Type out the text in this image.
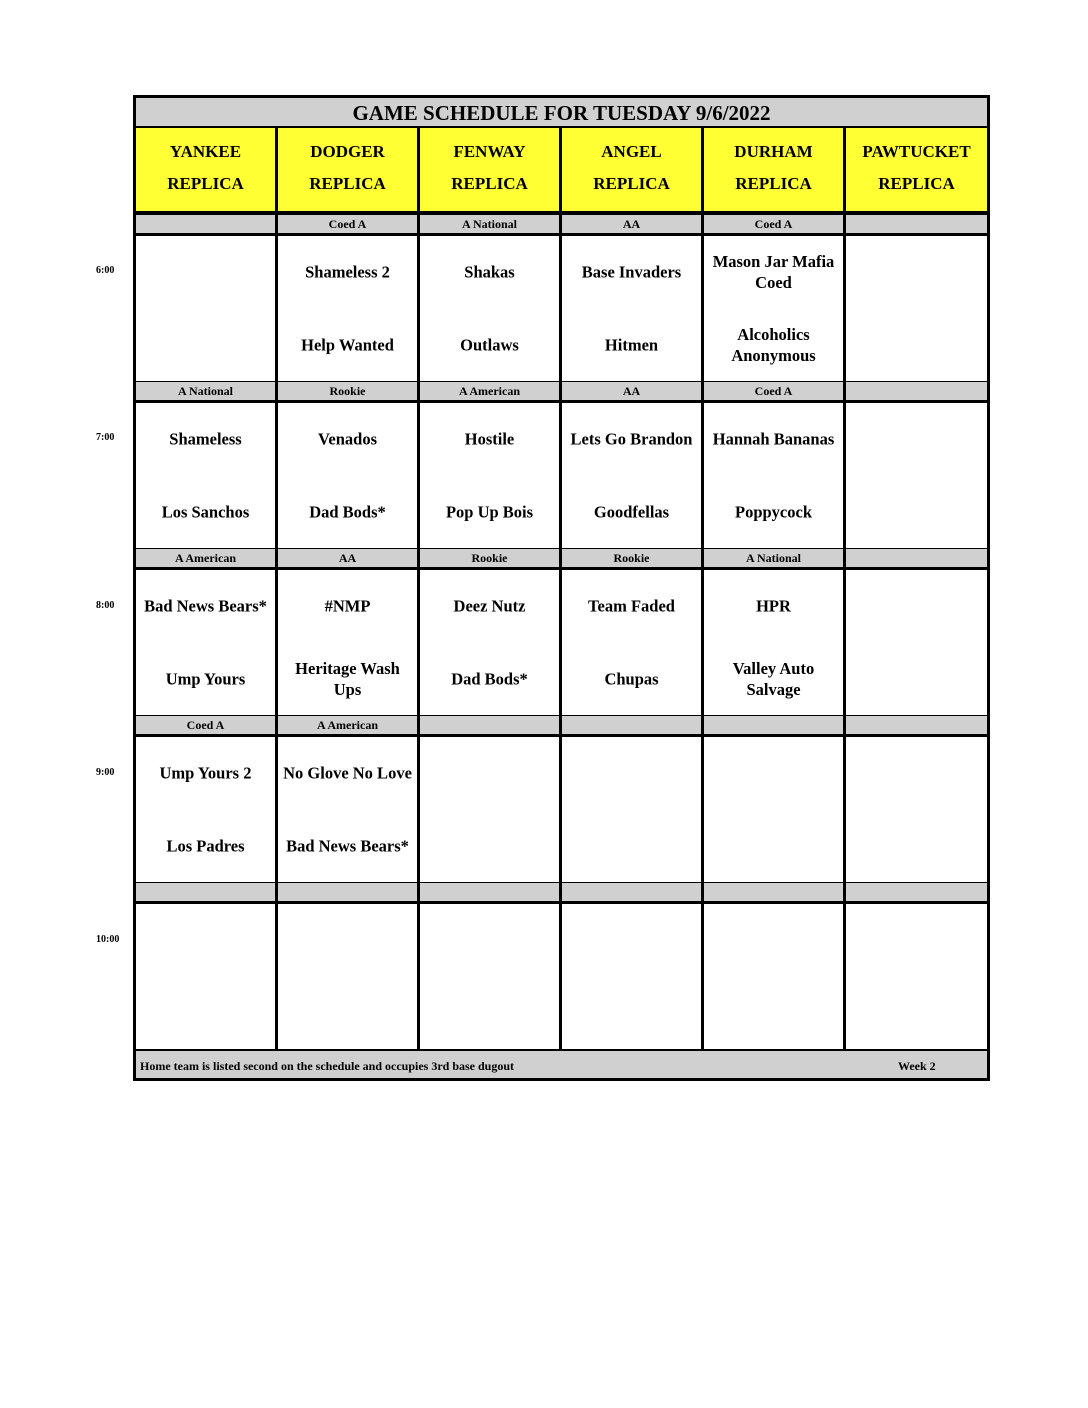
GAME SCHEDULE FOR TUESDAY 9/6/2022
Home team is listed second on the schedule and occupies 3rd base dugout	Week 2
YANKEE
REPLICA
DODGER
REPLICA
FENWAY
REPLICA
ANGEL
REPLICA
DURHAM
REPLICA
PAWTUCKET
REPLICA
Coed A
Shameless 2
Help Wanted
A National
Shakas
Outlaws
AA
Base Invaders
Hitmen
Coed A
Mason Jar Mafia Coed
Alcoholics Anonymous
A National
Shameless
Los Sanchos
Rookie
Venados
Dad Bods*
A American
Hostile
Pop Up Bois
AA
Lets Go Brandon
Goodfellas
Coed A
Hannah Bananas
Poppycock
A American
Bad News Bears*
Ump Yours
AA
#NMP
Heritage Wash Ups
Rookie
Deez Nutz
Dad Bods*
Rookie
Team Faded
Chupas
A National
HPR
Valley Auto Salvage
Coed A
Ump Yours 2
Los Padres
A American
No Glove No Love
Bad News Bears*
6:00
7:00
8:00
9:00
10:00
